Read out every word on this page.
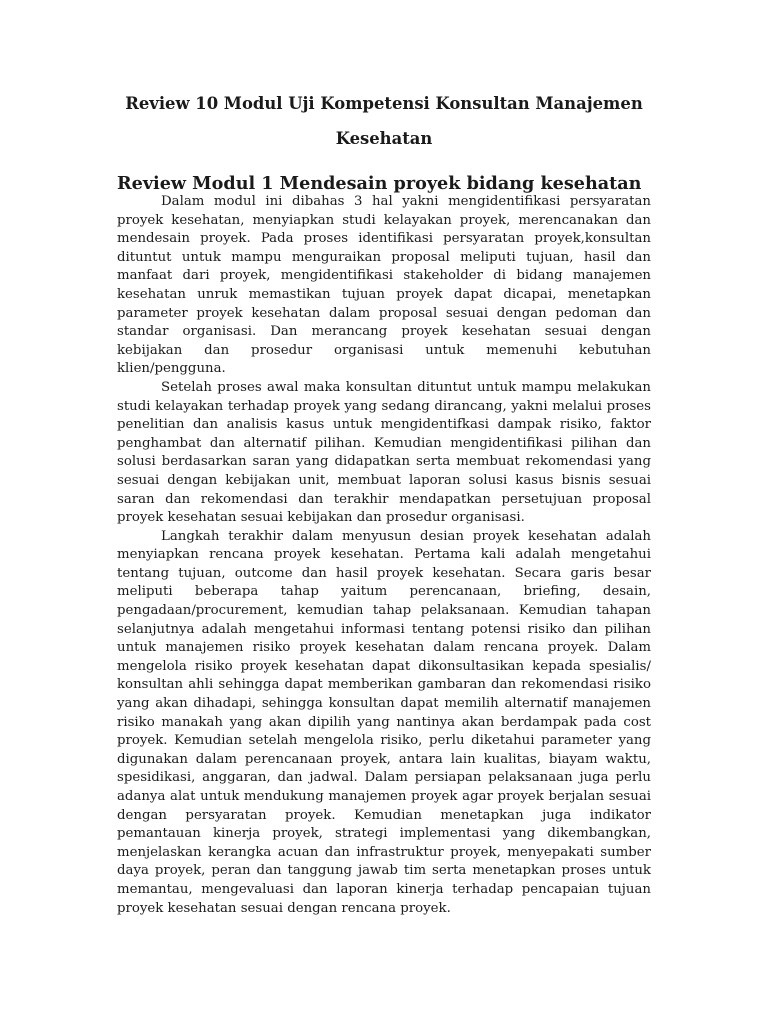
Review 10 Modul Uji Kompetensi Konsultan Manajemen Kesehatan
Review Modul 1 Mendesain proyek bidang kesehatan

Dalam modul ini dibahas 3 hal yakni mengidentifikasi persyaratan proyek kesehatan, menyiapkan studi kelayakan proyek, merencanakan dan mendesain proyek. Pada proses identifikasi persyaratan proyek,konsultan dituntut untuk mampu menguraikan proposal meliputi tujuan, hasil dan manfaat dari proyek, mengidentifikasi stakeholder di bidang manajemen kesehatan unruk memastikan tujuan proyek dapat dicapai, menetapkan parameter proyek kesehatan dalam proposal sesuai dengan pedoman dan standar organisasi. Dan merancang proyek kesehatan sesuai dengan kebijakan dan prosedur organisasi untuk memenuhi kebutuhan klien/pengguna.

Setelah proses awal maka konsultan dituntut untuk mampu melakukan studi kelayakan terhadap proyek yang sedang dirancang, yakni melalui proses penelitian dan analisis kasus untuk mengidentifkasi dampak risiko, faktor penghambat dan alternatif pilihan. Kemudian mengidentifikasi pilihan dan solusi berdasarkan saran yang didapatkan serta membuat rekomendasi yang sesuai dengan kebijakan unit, membuat laporan solusi kasus bisnis sesuai saran dan rekomendasi dan terakhir mendapatkan persetujuan proposal proyek kesehatan sesuai kebijakan dan prosedur organisasi.

Langkah terakhir dalam menyusun desian proyek kesehatan adalah menyiapkan rencana proyek kesehatan. Pertama kali adalah mengetahui tentang tujuan, outcome dan hasil proyek kesehatan. Secara garis besar meliputi beberapa tahap yaitum perencanaan, briefing, desain, pengadaan/procurement, kemudian tahap pelaksanaan. Kemudian tahapan selanjutnya adalah mengetahui informasi tentang potensi risiko dan pilihan untuk manajemen risiko proyek kesehatan dalam rencana proyek. Dalam mengelola risiko proyek kesehatan dapat dikonsultasikan kepada spesialis/ konsultan ahli sehingga dapat memberikan gambaran dan rekomendasi risiko yang akan dihadapi, sehingga konsultan dapat memilih alternatif manajemen risiko manakah yang akan dipilih yang nantinya akan berdampak pada cost proyek. Kemudian setelah mengelola risiko, perlu diketahui parameter yang digunakan dalam perencanaan proyek, antara lain kualitas, biayam waktu, spesidikasi, anggaran, dan jadwal. Dalam persiapan pelaksanaan juga perlu adanya alat untuk mendukung manajemen proyek agar proyek berjalan sesuai dengan persyaratan proyek. Kemudian menetapkan juga indikator pemantauan kinerja proyek, strategi implementasi yang dikembangkan, menjelaskan kerangka acuan dan infrastruktur proyek, menyepakati sumber daya proyek, peran dan tanggung jawab tim serta menetapkan proses untuk memantau, mengevaluasi dan laporan kinerja terhadap pencapaian tujuan proyek kesehatan sesuai dengan rencana proyek.
